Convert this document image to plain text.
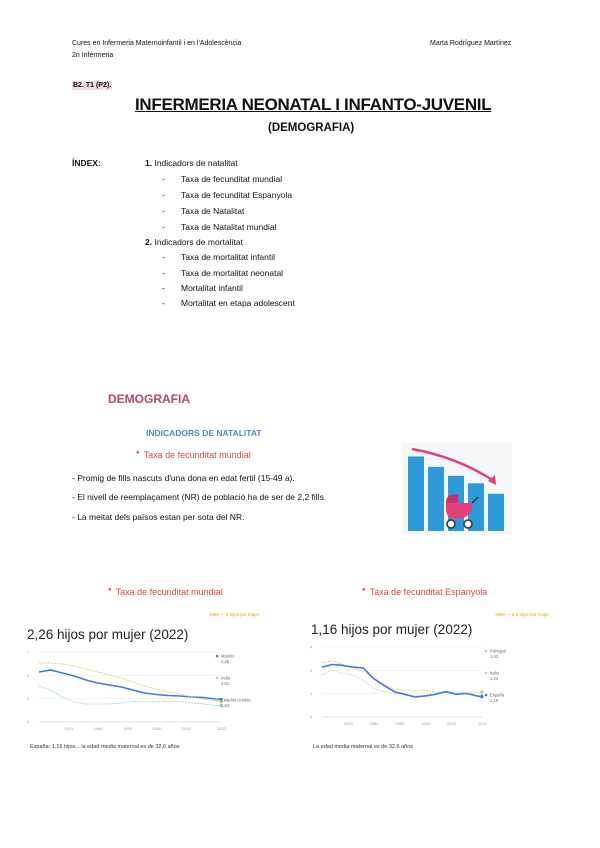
Cures en Infermeria Maternoinfantil i en l'Adolescència
2n Infermeria
Marta Rodríguez Martínez
B2. T1 (P2).
INFERMERIA NEONATAL I INFANTO-JUVENIL
(DEMOGRAFIA)
ÍNDEX:	1. Indicadors de natalitat
- Taxa de fecunditat mundial
- Taxa de fecunditat Espanyola
- Taxa de Natalitat
- Taxa de Natalitat mundial
2. Indicadors de mortalitat
- Taxa de mortalitat infantil
- Taxa de mortalitat neonatal
- Mortalitat infantil
- Mortalitat en etapa adolescent
DEMOGRAFIA
INDICADORS DE NATALITAT
● Taxa de fecunditat mundial
- Promig de fills nascuts d'una dona en edat fertil (15-49 a).
- El nivell de reemplaçament (NR) de població ha de ser de 2,2 fills.
- La meitat dels països estan per sota del NR.
● Taxa de fecunditat mundial	● Taxa de fecunditat Espanyola
1950 — 5 hijos por mujer
2,26 hijos por mujer (2022)
0
2
5
7
1970	1980	1990	2000	2010	2022
Mundo
2,26
India
2,01
Estados Unidos
1,64
España: 1,16 hijos... la edad media maternal es de 32,6 años
1960 — 2,8 hijos por mujer
1,16 hijos por mujer (2022)
0
1
3
4
1970	1980	1990	2000	2010	2022
Portugal
1,43
Italia
1,24
España
1,16
La edad media maternal es de 32,6 años
